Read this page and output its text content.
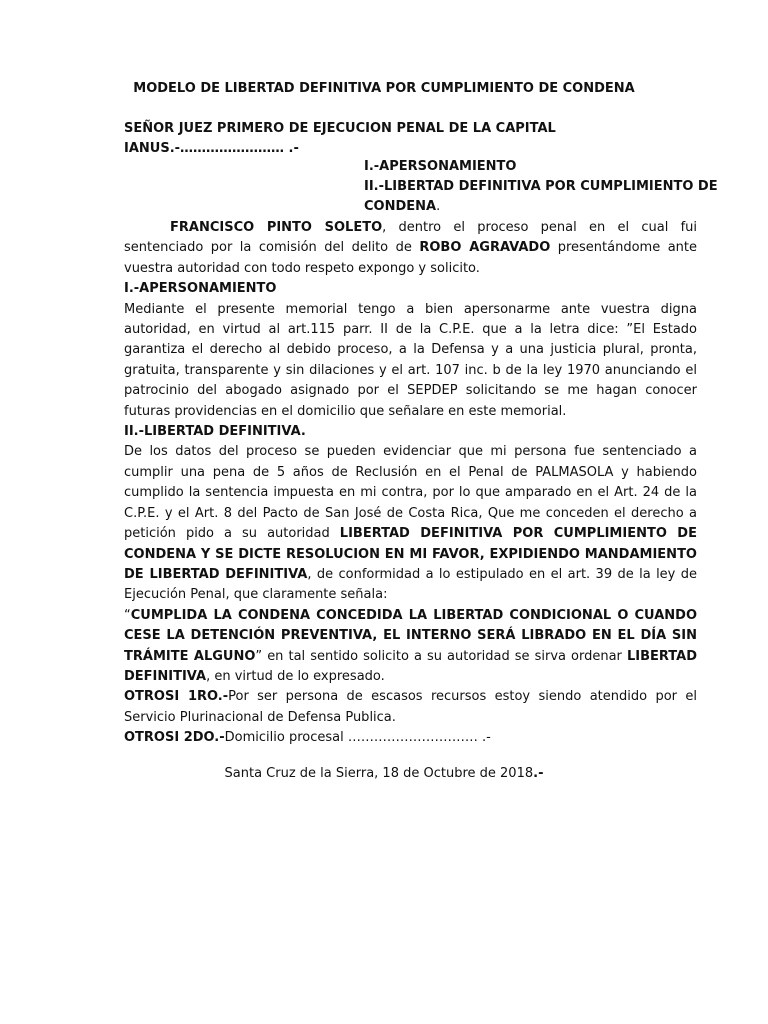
MODELO DE LIBERTAD DEFINITIVA POR CUMPLIMIENTO DE CONDENA
SEÑOR JUEZ PRIMERO DE EJECUCION PENAL DE LA CAPITAL
IANUS.-…………………… .-
I.-APERSONAMIENTO
II.-LIBERTAD DEFINITIVA POR CUMPLIMIENTO DE CONDENA.

FRANCISCO PINTO SOLETO, dentro el proceso penal en el cual fui sentenciado por la comisión del delito de ROBO AGRAVADO presentándome ante vuestra autoridad con todo respeto expongo y solicito.

I.-APERSONAMIENTO

Mediante el presente memorial tengo a bien apersonarme ante vuestra digna autoridad, en virtud al art.115 parr. II de la C.P.E. que a la letra dice: ”El Estado garantiza el derecho al debido proceso, a la Defensa y a una justicia plural, pronta, gratuita, transparente y sin dilaciones y el art. 107 inc. b de la ley 1970 anunciando el patrocinio del abogado asignado por el SEPDEP solicitando se me hagan conocer futuras providencias en el domicilio que señalare en este memorial.

II.-LIBERTAD DEFINITIVA.

De los datos del proceso se pueden evidenciar que mi persona fue sentenciado a cumplir una pena de 5 años de Reclusión en el Penal de PALMASOLA y habiendo cumplido la sentencia impuesta en mi contra, por lo que amparado en el Art. 24 de la C.P.E. y el Art. 8 del Pacto de San José de Costa Rica, Que me conceden el derecho a petición pido a su autoridad LIBERTAD DEFINITIVA POR CUMPLIMIENTO DE CONDENA Y SE DICTE RESOLUCION EN MI FAVOR, EXPIDIENDO MANDAMIENTO DE LIBERTAD DEFINITIVA, de conformidad a lo estipulado en el art. 39 de la ley de Ejecución Penal, que claramente señala:

“CUMPLIDA LA CONDENA CONCEDIDA LA LIBERTAD CONDICIONAL O CUANDO CESE LA DETENCIÓN PREVENTIVA, EL INTERNO SERÁ LIBRADO EN EL DÍA SIN TRÁMITE ALGUNO” en tal sentido solicito a su autoridad se sirva ordenar LIBERTAD DEFINITIVA, en virtud de lo expresado.

OTROSI 1RO.-Por ser persona de escasos recursos estoy siendo atendido por el Servicio Plurinacional de Defensa Publica.

OTROSI 2DO.-Domicilio procesal ………………………… .-

Santa Cruz de la Sierra, 18 de Octubre de 2018.-
